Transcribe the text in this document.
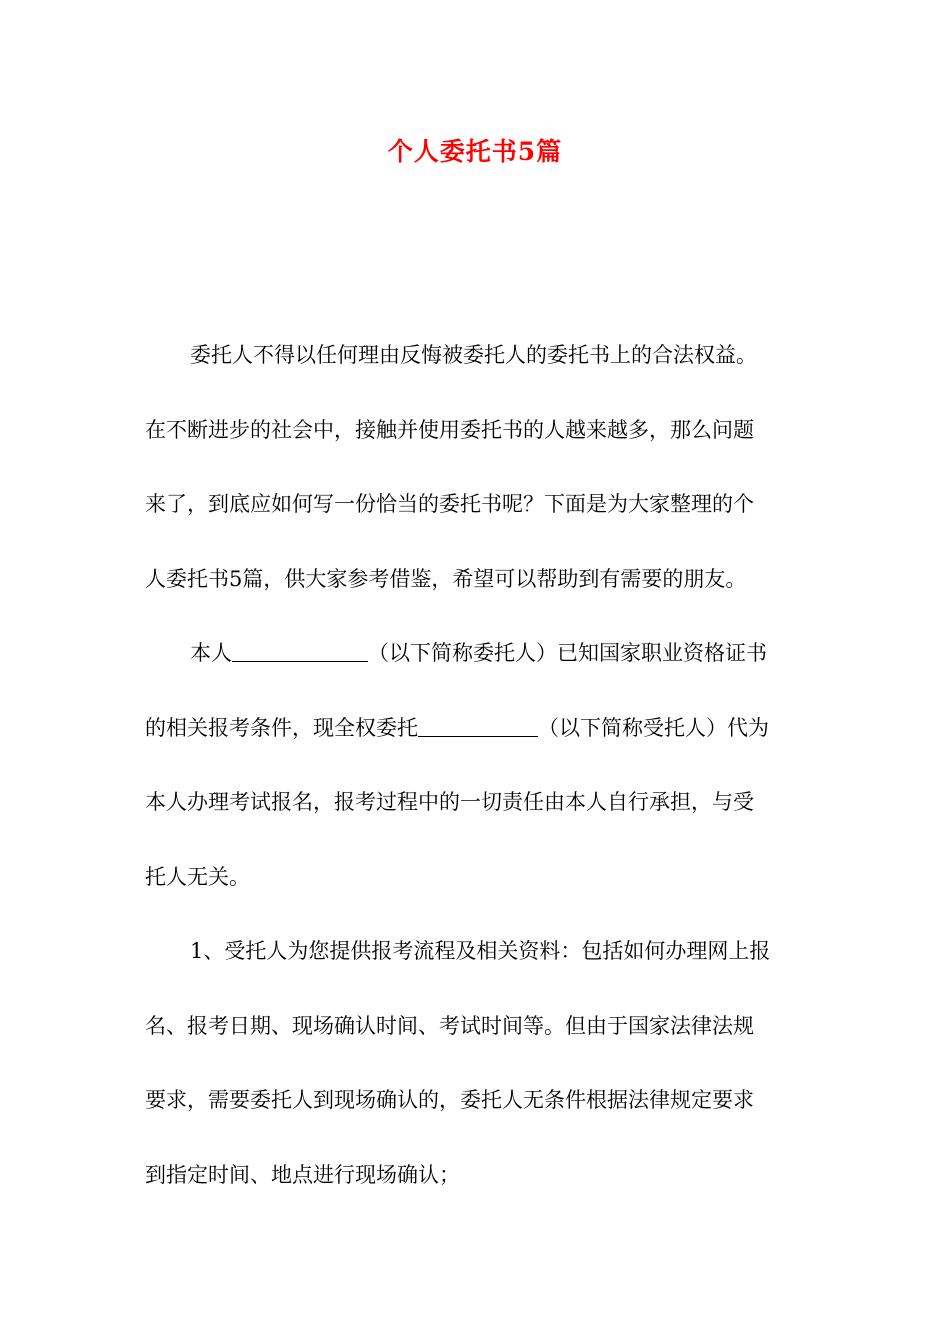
个人委托书5篇
委托人不得以任何理由反悔被委托人的委托书上的合法权益。
在不断进步的社会中，接触并使用委托书的人越来越多，那么问题
来了，到底应如何写一份恰当的委托书呢？下面是为大家整理的个
人委托书5篇，供大家参考借鉴，希望可以帮助到有需要的朋友。
本人	（以下简称委托人）已知国家职业资格证书
的相关报考条件，现全权委托	（以下简称受托人）代为
本人办理考试报名，报考过程中的一切责任由本人自行承担，与受
托人无关。
1、受托人为您提供报考流程及相关资料：包括如何办理网上报
名、报考日期、现场确认时间、考试时间等。但由于国家法律法规
要求，需要委托人到现场确认的，委托人无条件根据法律规定要求
到指定时间、地点进行现场确认；
